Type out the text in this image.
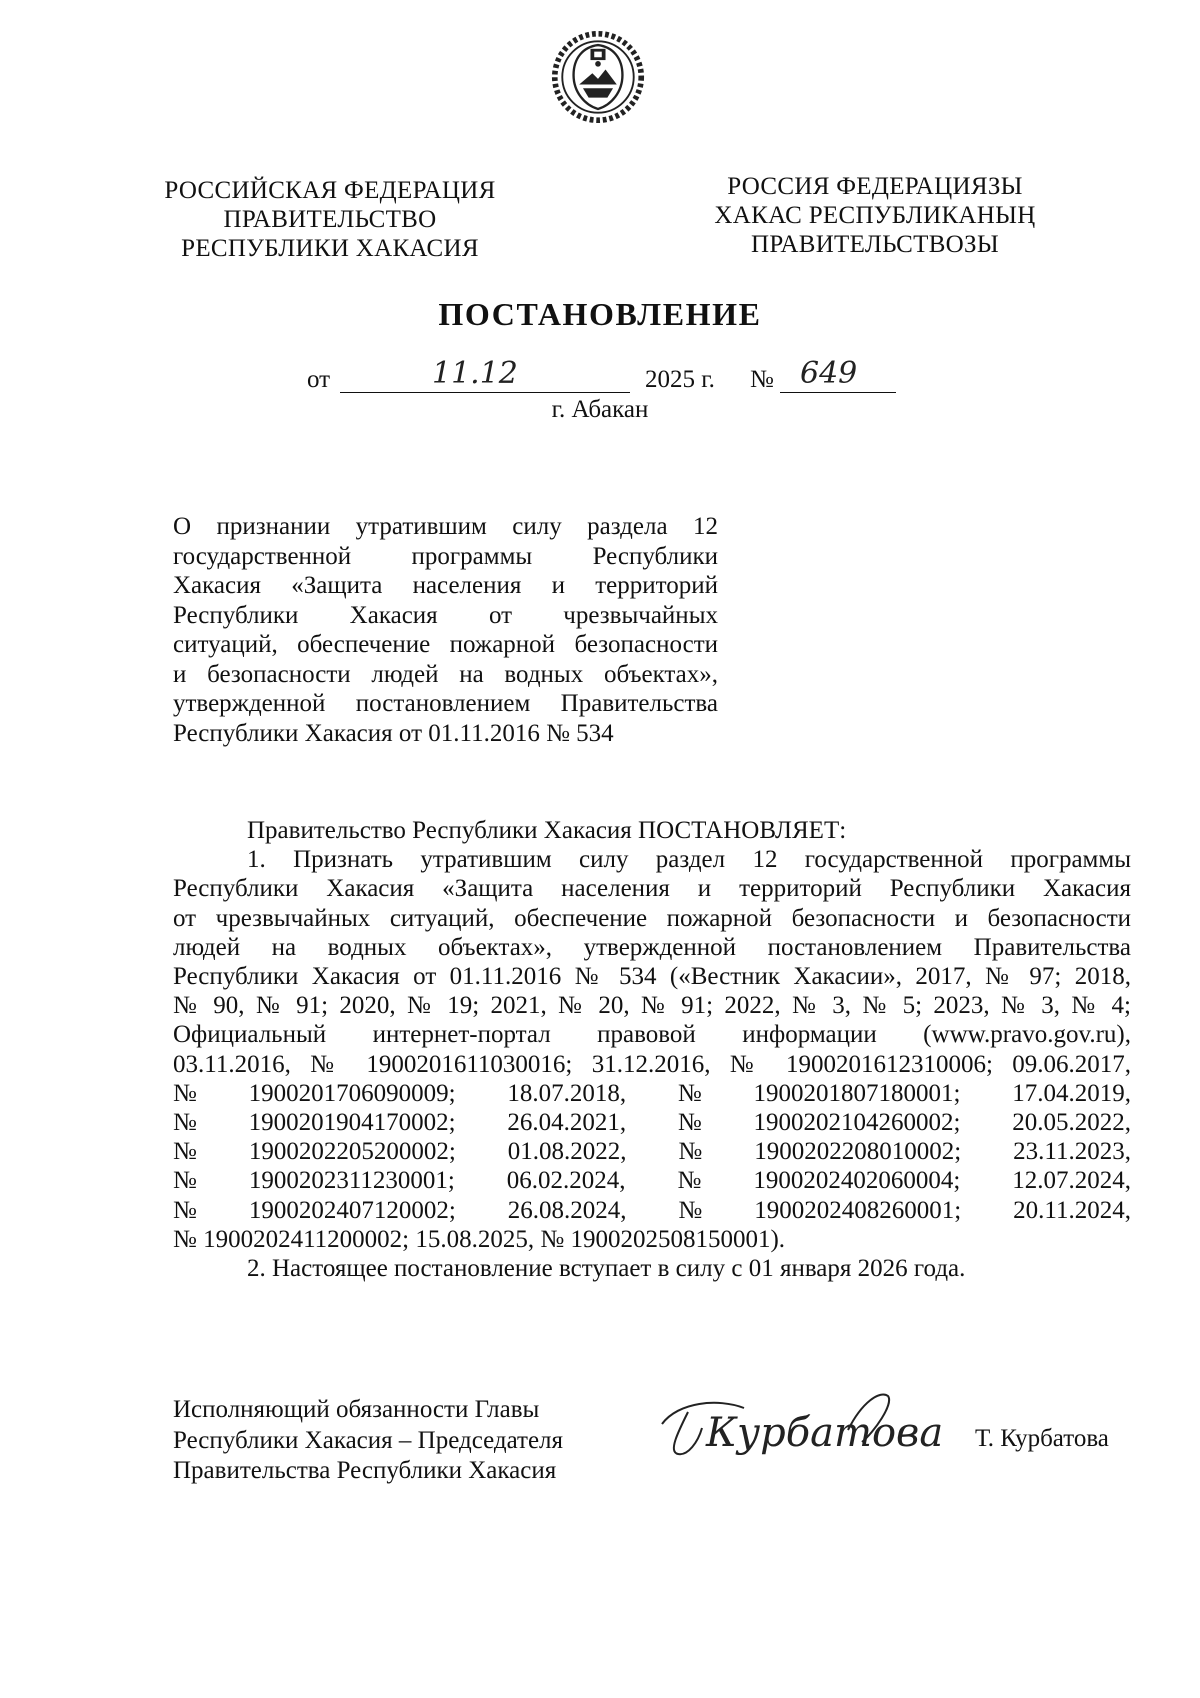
РОССИЙСКАЯ ФЕДЕРАЦИЯ
ПРАВИТЕЛЬСТВО
РЕСПУБЛИКИ ХАКАСИЯ
РОССИЯ ФЕДЕРАЦИЯЗЫ
ХАКАС РЕСПУБЛИКАНЫҢ
ПРАВИТЕЛЬСТВОЗЫ
ПОСТАНОВЛЕНИЕ
от	11.12	2025 г. № 649
г. Абакан
О признании утратившим силу раздела 12
государственной программы Республики
Хакасия «Защита населения и территорий
Республики Хакасия от чрезвычайных
ситуаций, обеспечение пожарной безопасности
и безопасности людей на водных объектах»,
утвержденной постановлением Правительства
Республики Хакасия от 01.11.2016 № 534
Правительство Республики Хакасия ПОСТАНОВЛЯЕТ:
1. Признать утратившим силу раздел 12 государственной программы
Республики Хакасия «Защита населения и территорий Республики Хакасия
от чрезвычайных ситуаций, обеспечение пожарной безопасности и безопасности
людей на водных объектах», утвержденной постановлением Правительства
Республики Хакасия от 01.11.2016 № 534 («Вестник Хакасии», 2017, № 97; 2018,
№ 90, № 91; 2020, № 19; 2021, № 20, № 91; 2022, № 3, № 5; 2023, № 3, № 4;
Официальный интернет-портал правовой информации (www.pravo.gov.ru),
03.11.2016, № 1900201611030016; 31.12.2016, № 1900201612310006; 09.06.2017,
№ 1900201706090009; 18.07.2018, № 1900201807180001; 17.04.2019,
№ 1900201904170002; 26.04.2021, № 1900202104260002; 20.05.2022,
№ 1900202205200002; 01.08.2022, № 1900202208010002; 23.11.2023,
№ 1900202311230001; 06.02.2024, № 1900202402060004; 12.07.2024,
№ 1900202407120002; 26.08.2024, № 1900202408260001; 20.11.2024,
№ 1900202411200002; 15.08.2025, № 1900202508150001).
2. Настоящее постановление вступает в силу с 01 января 2026 года.
Исполняющий обязанности Главы
Республики Хакасия – Председателя
Правительства Республики Хакасия
Курбатова Т. Курбатова
